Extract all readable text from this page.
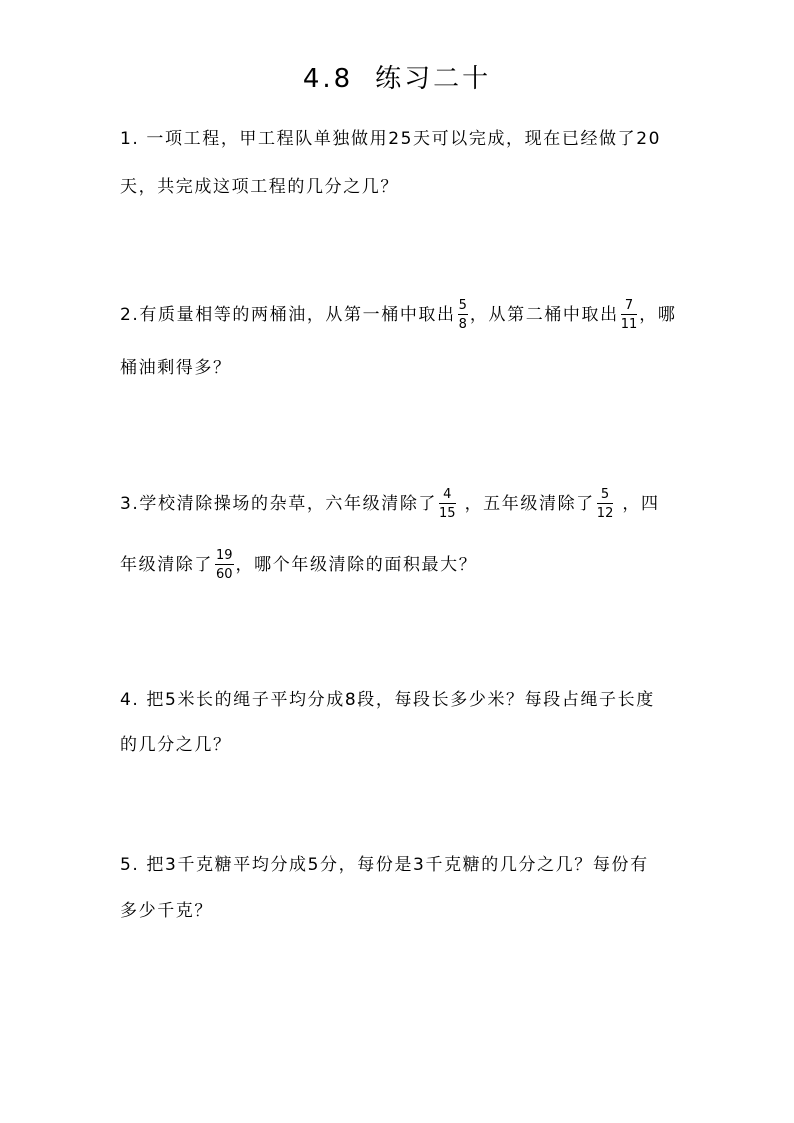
4.8 练习二十
1. 一项工程，甲工程队单独做用25天可以完成，现在已经做了20
天，共完成这项工程的几分之几？
2.有质量相等的两桶油，从第一桶中取出 $\frac{5}{8}$ ，从第二桶中取出 $\frac{7}{11}$ ，哪
桶油剩得多？
3.学校清除操场的杂草，六年级清除了 $\frac{4}{15}$ ，五年级清除了 $\frac{5}{12}$ ，四
年级清除了 $\frac{19}{60}$ ，哪个年级清除的面积最大？
4. 把5米长的绳子平均分成8段，每段长多少米？每段占绳子长度
的几分之几？
5. 把3千克糖平均分成5分，每份是3千克糖的几分之几？每份有
多少千克？
